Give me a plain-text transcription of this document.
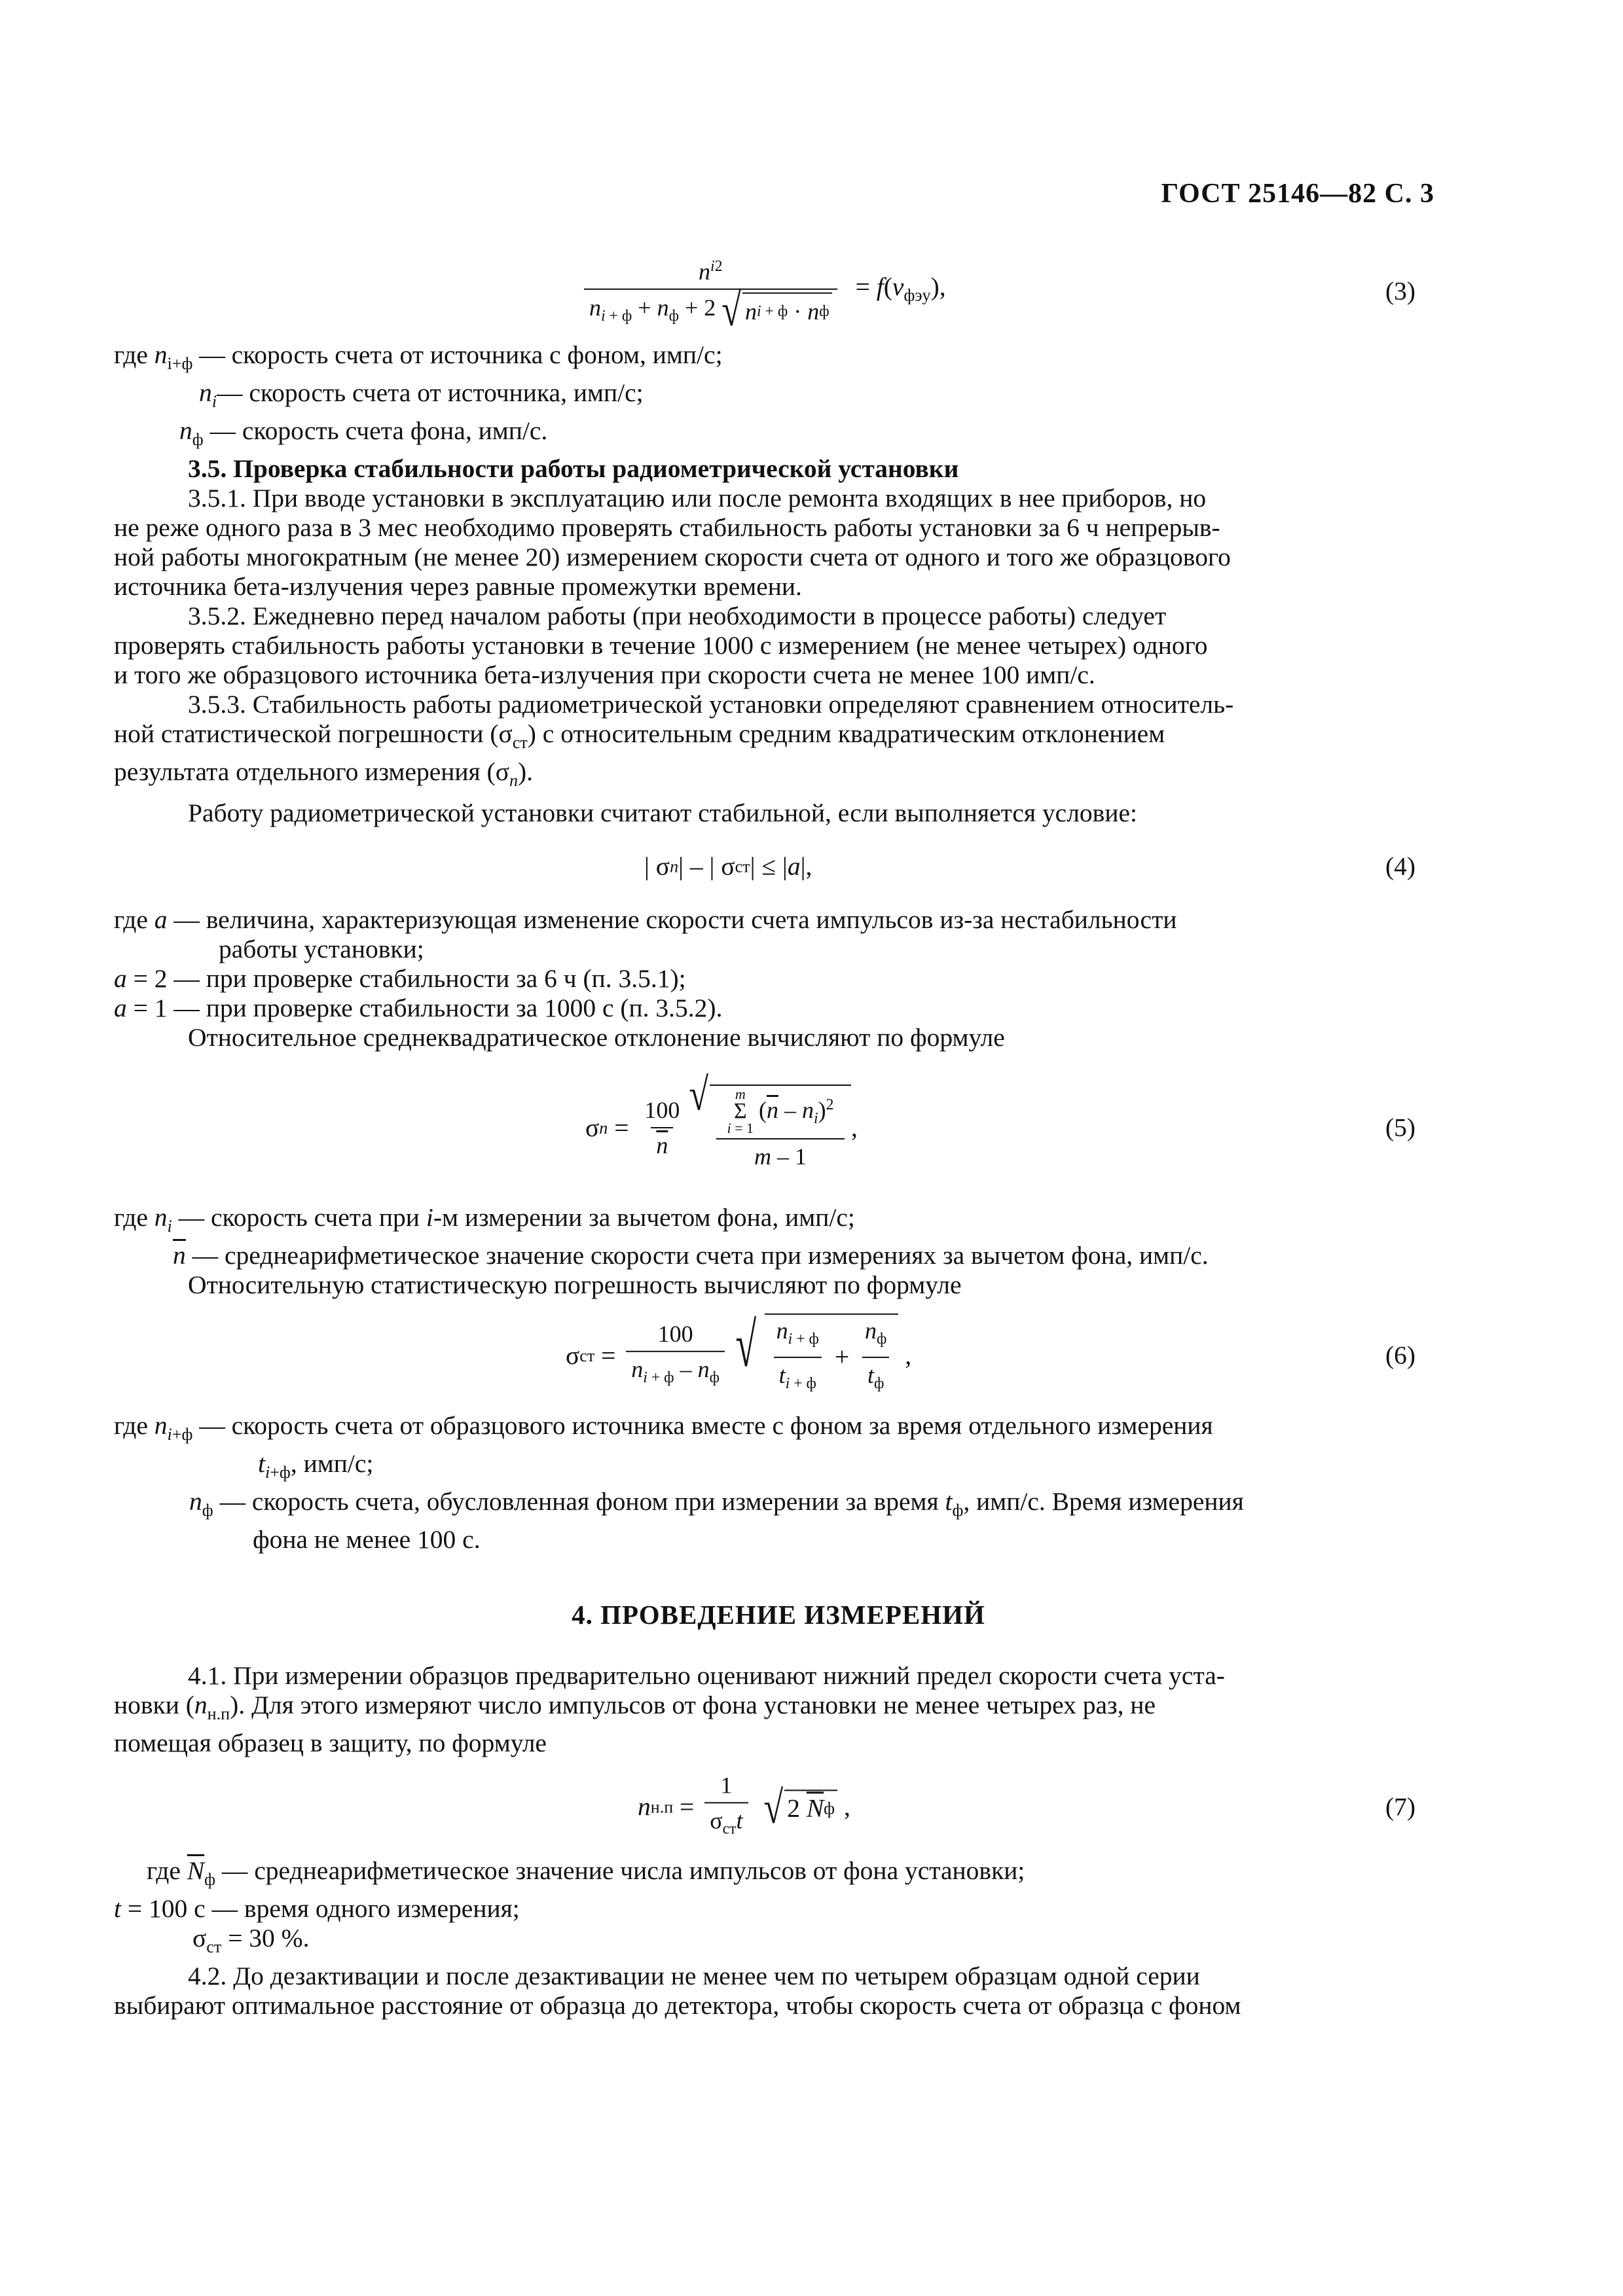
ГОСТ 25146—82 С. 3
$\frac{n^{i2}}{n_{i + ф} + n_ф + 2 √ n i + ф \cdot n ф} = f(v_{фэу})$,	(3)

где $n_{i+ф}$ — скорость счета от источника с фоном, имп/с;

$n_i—$ скорость счета от источника, имп/с;

$n_ф$ — скорость счета фона, имп/с.

3.5. Проверка стабильности работы радиометрической установки

3.5.1. При вводе установки в эксплуатацию или после ремонта входящих в нее приборов, но

не реже одного раза в 3 мес необходимо проверять стабильность работы установки за 6 ч непрерыв-

ной работы многократным (не менее 20) измерением скорости счета от одного и того же образцового

источника бета-излучения через равные промежутки времени.

3.5.2. Ежедневно перед началом работы (при необходимости в процессе работы) следует

проверять стабильность работы установки в течение 1000 с измерением (не менее четырех) одного

и того же образцового источника бета-излучения при скорости счета не менее 100 имп/с.

3.5.3. Стабильность работы радиометрической установки определяют сравнением относитель-

ной статистической погрешности $(\sigma_{ст})$ с относительным средним квадратическим отклонением

результата отдельного измерения $(\sigma_n)$.

Работу радиометрической установки считают стабильной, если выполняется условие:

| σ n | – | σ ст | ≤ | a |,	(4)

где a — величина, характеризующая изменение скорости счета импульсов из-за нестабильности

работы установки;

a = 2 — при проверке стабильности за 6 ч (п. 3.5.1);

a = 1 — при проверке стабильности за 1000 с (п. 3.5.2).

Относительное среднеквадратическое отклонение вычисляют по формуле

σ $n = \frac{100}{n}$
√ m
Σ
i = 1
$(\overline{n} - n_i)^2$
m – 1 ,	(5)

где $n_i$ — скорость счета при i-м измерении за вычетом фона, имп/с;

$\overline{n}$ — среднеарифметическое значение скорости счета при измерениях за вычетом фона, имп/с.

Относительную статистическую погрешность вычисляют по формуле

σ ст = $\frac{100}{n_{i + ф} - n_ф}$ √ $\frac{n_{i + ф}}{t_{i + ф}} + \frac{n_ф}{t_ф}$ ,	(6)

где $n_{i+ф}$ — скорость счета от образцового источника вместе с фоном за время отдельного измерения

$t_{i+ф}$, имп/с;

$n_ф$ — скорость счета, обусловленная фоном при измерении за время $t_ф$, имп/с. Время измерения

фона не менее 100 с.

4. ПРОВЕДЕНИЕ ИЗМЕРЕНИЙ

4.1. При измерении образцов предварительно оценивают нижний предел скорости счета уста-

новки $(n_{н.п})$. Для этого измеряют число импульсов от фона установки не менее четырех раз, не

помещая образец в защиту, по формуле

n $н.п = \frac{1}{\sigma_{ст}t}$ √ 2
$\overline{N}$ ф ,	(7)

где $\overline{N}_ф$ — среднеарифметическое значение числа импульсов от фона установки;

t = 100 с — время одного измерения;

$\sigma_{ст} = 30$ %.

4.2. До дезактивации и после дезактивации не менее чем по четырем образцам одной серии

выбирают оптимальное расстояние от образца до детектора, чтобы скорость счета от образца с фоном
